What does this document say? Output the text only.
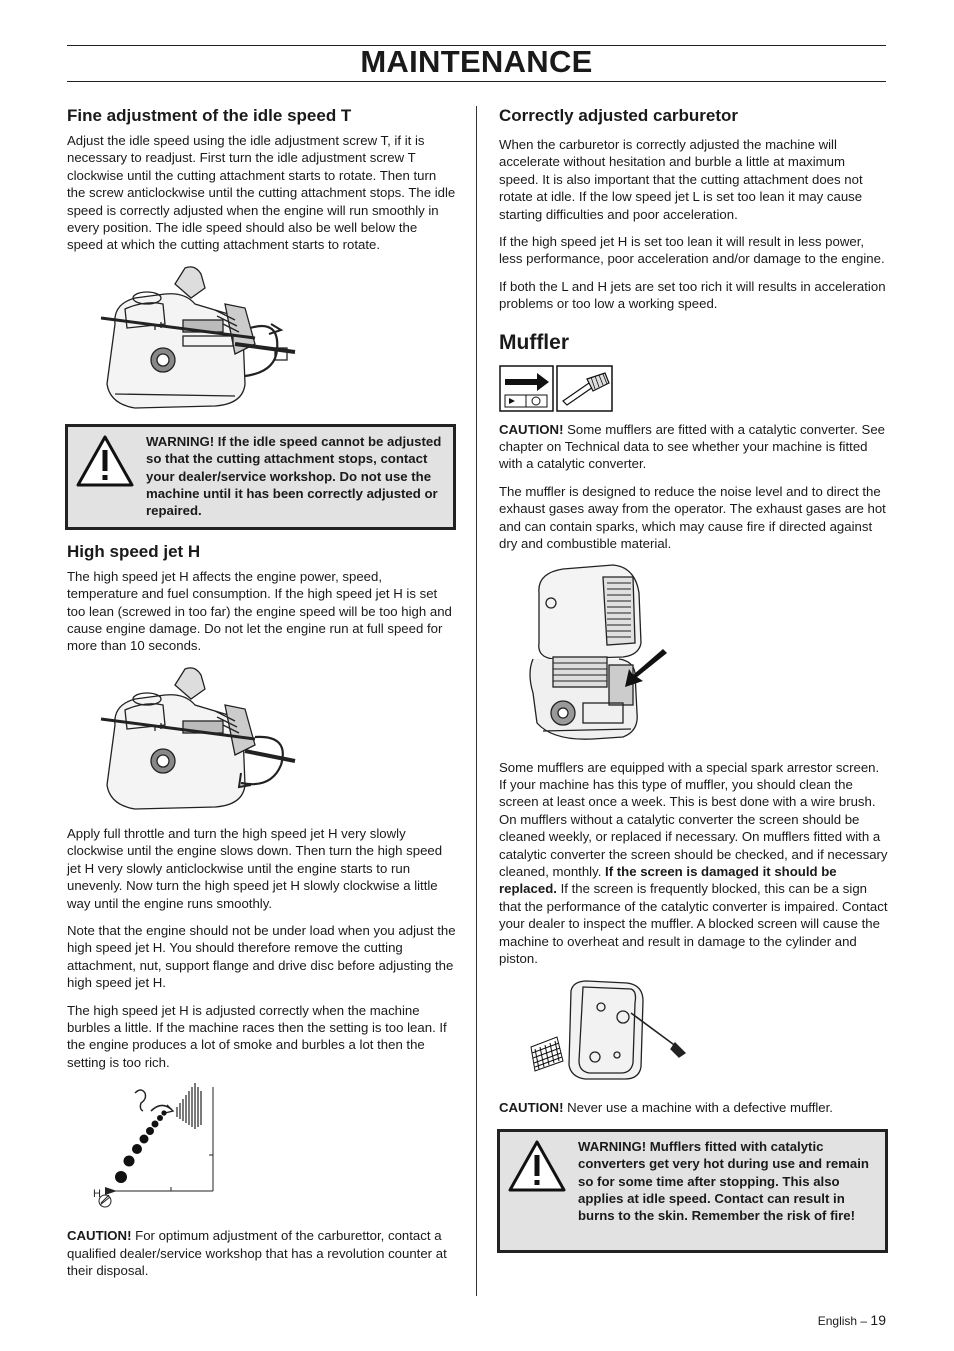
MAINTENANCE
Fine adjustment of the idle speed T

Adjust the idle speed using the idle adjustment screw T, if it is necessary to readjust. First turn the idle adjustment screw T clockwise until the cutting attachment starts to rotate. Then turn the screw anticlockwise until the cutting attachment stops. The idle speed is correctly adjusted when the engine will run smoothly in every position. The idle speed should also be well below the speed at which the cutting attachment starts to rotate.

WARNING! If the idle speed cannot be adjusted so that the cutting attachment stops, contact your dealer/service workshop. Do not use the machine until it has been correctly adjusted or repaired.
High speed jet H

The high speed jet H affects the engine power, speed, temperature and fuel consumption. If the high speed jet H is set too lean (screwed in too far) the engine speed will be too high and cause engine damage. Do not let the engine run at full speed for more than 10 seconds.

Apply full throttle and turn the high speed jet H very slowly clockwise until the engine slows down. Then turn the high speed jet H very slowly anticlockwise until the engine starts to run unevenly. Now turn the high speed jet H slowly clockwise a little way until the engine runs smoothly.

Note that the engine should not be under load when you adjust the high speed jet H. You should therefore remove the cutting attachment, nut, support flange and drive disc before adjusting the high speed jet H.

The high speed jet H is adjusted correctly when the machine burbles a little. If the machine races then the setting is too lean. If the engine produces a lot of smoke and burbles a lot then the setting is too rich.

H

CAUTION! For optimum adjustment of the carburettor, contact a qualified dealer/service workshop that has a revolution counter at their disposal.

Correctly adjusted carburetor

When the carburetor is correctly adjusted the machine will accelerate without hesitation and burble a little at maximum speed. It is also important that the cutting attachment does not rotate at idle. If the low speed jet L is set too lean it may cause starting difficulties and poor acceleration.

If the high speed jet H is set too lean it will result in less power, less performance, poor acceleration and/or damage to the engine.

If both the L and H jets are set too rich it will results in acceleration problems or too low a working speed.

Muffler

CAUTION! Some mufflers are fitted with a catalytic converter. See chapter on Technical data to see whether your machine is fitted with a catalytic converter.

The muffler is designed to reduce the noise level and to direct the exhaust gases away from the operator. The exhaust gases are hot and can contain sparks, which may cause fire if directed against dry and combustible material.

Some mufflers are equipped with a special spark arrestor screen. If your machine has this type of muffler, you should clean the screen at least once a week. This is best done with a wire brush. On mufflers without a catalytic converter the screen should be cleaned weekly, or replaced if necessary. On mufflers fitted with a catalytic converter the screen should be checked, and if necessary cleaned, monthly. If the screen is damaged it should be replaced. If the screen is frequently blocked, this can be a sign that the performance of the catalytic converter is impaired. Contact your dealer to inspect the muffler. A blocked screen will cause the machine to overheat and result in damage to the cylinder and piston.

CAUTION! Never use a machine with a defective muffler.

WARNING! Mufflers fitted with catalytic converters get very hot during use and remain so for some time after stopping. This also applies at idle speed. Contact can result in burns to the skin. Remember the risk of fire!
English – 19
